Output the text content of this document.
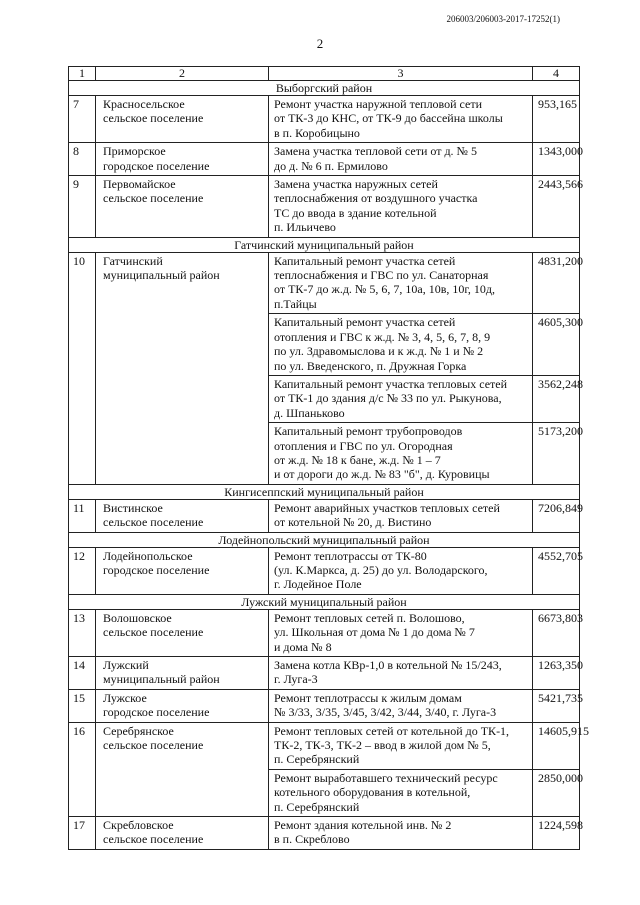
206003/206003-2017-17252(1)
2
1	2	3	4
Выборгский район			
7	Красносельское
сельское поселение	Ремонт участка наружной тепловой сети
от ТК-3 до КНС, от ТК-9 до бассейна школы
в п. Коробицыно	953,165
8	Приморское
городское поселение	Замена участка тепловой сети от д. № 5
до д. № 6 п. Ермилово	1343,000
9	Первомайское
сельское поселение	Замена участка наружных сетей
теплоснабжения от воздушного участка
ТС до ввода в здание котельной
п. Ильичево	2443,566
Гатчинский муниципальный район			
10	Гатчинский
муниципальный район	Капитальный ремонт участка сетей
теплоснабжения и ГВС по ул. Санаторная
от ТК-7 до ж.д. № 5, 6, 7, 10а, 10в, 10г, 10д,
п.Тайцы	4831,200
		Капитальный ремонт участка сетей
отопления и ГВС к ж.д. № 3, 4, 5, 6, 7, 8, 9
по ул. Здравомыслова и к ж.д. № 1 и № 2
по ул. Введенского, п. Дружная Горка	4605,300
		Капитальный ремонт участка тепловых сетей
от ТК-1 до здания д/с № 33 по ул. Рыкунова,
д. Шпаньково	3562,248
		Капитальный ремонт трубопроводов
отопления и ГВС по ул. Огородная
от ж.д. № 18 к бане, ж.д. № 1 – 7
и от дороги до ж.д. № 83 "б", д. Куровицы	5173,200
Кингисеппский муниципальный район			
11	Вистинское
сельское поселение	Ремонт аварийных участков тепловых сетей
от котельной № 20, д. Вистино	7206,849
Лодейнопольский муниципальный район			
12	Лодейнопольское
городское поселение	Ремонт теплотрассы от ТК-80
(ул. К.Маркса, д. 25) до ул. Володарского,
г. Лодейное Поле	4552,705
Лужский муниципальный район			
13	Волошовское
сельское поселение	Ремонт тепловых сетей п. Волошово,
ул. Школьная от дома № 1 до дома № 7
и дома № 8	6673,803
14	Лужский
муниципальный район	Замена котла КВр-1,0 в котельной № 15/243,
г. Луга-3	1263,350
15	Лужское
городское поселение	Ремонт теплотрассы к жилым домам
№ 3/33, 3/35, 3/45, 3/42, 3/44, 3/40, г. Луга-3	5421,735
16	Серебрянское
сельское поселение	Ремонт тепловых сетей от котельной до ТК-1,
ТК-2, ТК-3, ТК-2 – ввод в жилой дом № 5,
п. Серебрянский	14605,915
		Ремонт выработавшего технический ресурс
котельного оборудования в котельной,
п. Серебрянский	2850,000
17	Скребловское
сельское поселение	Ремонт здания котельной инв. № 2
в п. Скреблово	1224,598
